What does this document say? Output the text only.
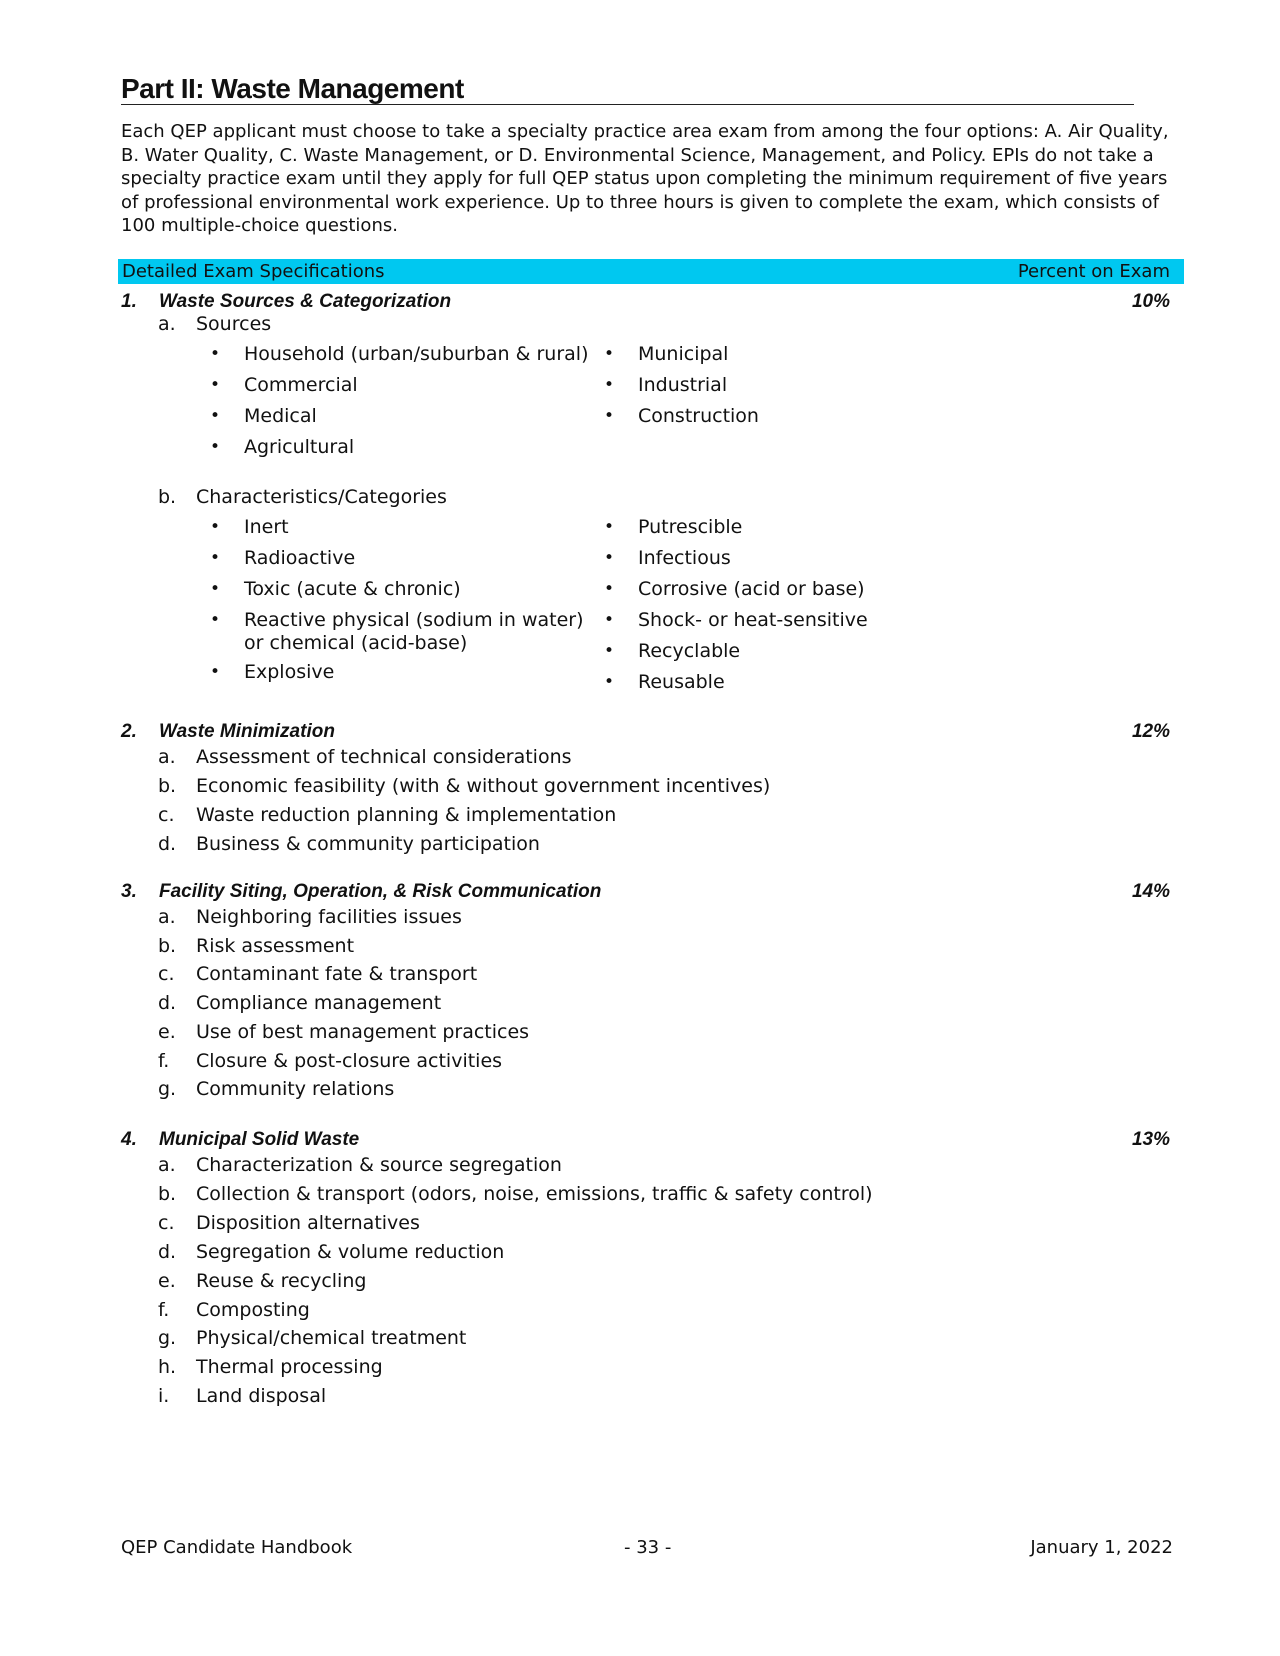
Part II: Waste Management
Each QEP applicant must choose to take a specialty practice area exam from among the four options: A. Air Quality, B. Water Quality, C. Waste Management, or D. Environmental Science, Management, and Policy. EPIs do not take a specialty practice exam until they apply for full QEP status upon completing the minimum requirement of five years of professional environmental work experience. Up to three hours is given to complete the exam, which consists of 100 multiple-choice questions.
Detailed Exam Specifications	Percent on Exam
1. Waste Sources & Categorization	10%
a. Sources
• Household (urban/suburban & rural)
• Commercial
• Medical
• Agricultural
• Municipal
• Industrial
• Construction
b. Characteristics/Categories
• Inert
• Radioactive
• Toxic (acute & chronic)
• Reactive physical (sodium in water)
or chemical (acid-base)
• Explosive
• Putrescible
• Infectious
• Corrosive (acid or base)
• Shock- or heat-sensitive
• Recyclable
• Reusable
2. Waste Minimization	12%
a. Assessment of technical considerations
b. Economic feasibility (with & without government incentives)
c. Waste reduction planning & implementation
d. Business & community participation
3. Facility Siting, Operation, & Risk Communication	14%
a. Neighboring facilities issues
b. Risk assessment
c. Contaminant fate & transport
d. Compliance management
e. Use of best management practices
f. Closure & post-closure activities
g. Community relations
4. Municipal Solid Waste	13%
a. Characterization & source segregation
b. Collection & transport (odors, noise, emissions, traffic & safety control)
c. Disposition alternatives
d. Segregation & volume reduction
e. Reuse & recycling
f. Composting
g. Physical/chemical treatment
h. Thermal processing
i. Land disposal
QEP Candidate Handbook	- 33 -	January 1, 2022
